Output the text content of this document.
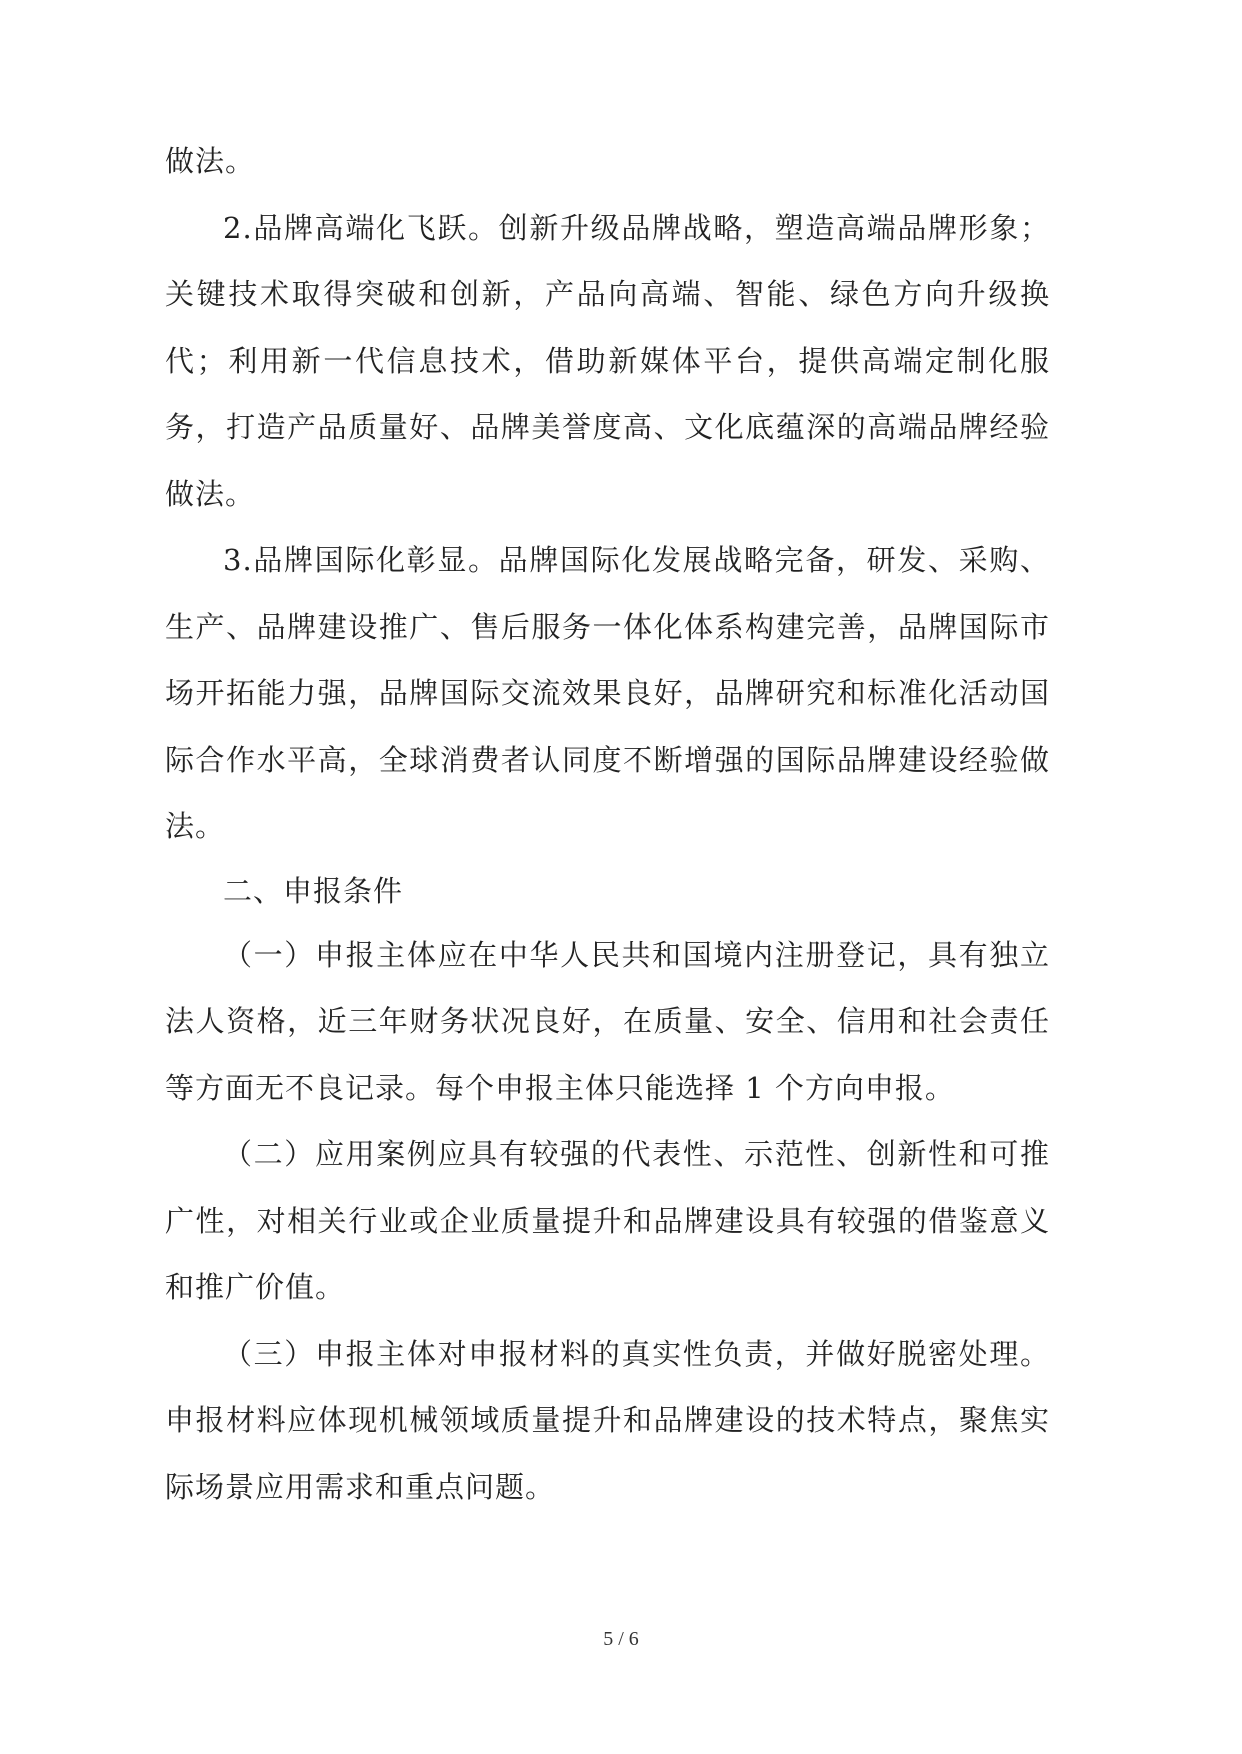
做法。

2.品牌高端化飞跃。创新升级品牌战略，塑造高端品牌形象；关键技术取得突破和创新，产品向高端、智能、绿色方向升级换代；利用新一代信息技术，借助新媒体平台，提供高端定制化服务，打造产品质量好、品牌美誉度高、文化底蕴深的高端品牌经验做法。

3.品牌国际化彰显。品牌国际化发展战略完备，研发、采购、生产、品牌建设推广、售后服务一体化体系构建完善，品牌国际市场开拓能力强，品牌国际交流效果良好，品牌研究和标准化活动国际合作水平高，全球消费者认同度不断增强的国际品牌建设经验做法。

二、申报条件

（一）申报主体应在中华人民共和国境内注册登记，具有独立法人资格，近三年财务状况良好，在质量、安全、信用和社会责任等方面无不良记录。每个申报主体只能选择 1 个方向申报。

（二）应用案例应具有较强的代表性、示范性、创新性和可推广性，对相关行业或企业质量提升和品牌建设具有较强的借鉴意义和推广价值。

（三）申报主体对申报材料的真实性负责，并做好脱密处理。申报材料应体现机械领域质量提升和品牌建设的技术特点，聚焦实际场景应用需求和重点问题。

5 / 6
